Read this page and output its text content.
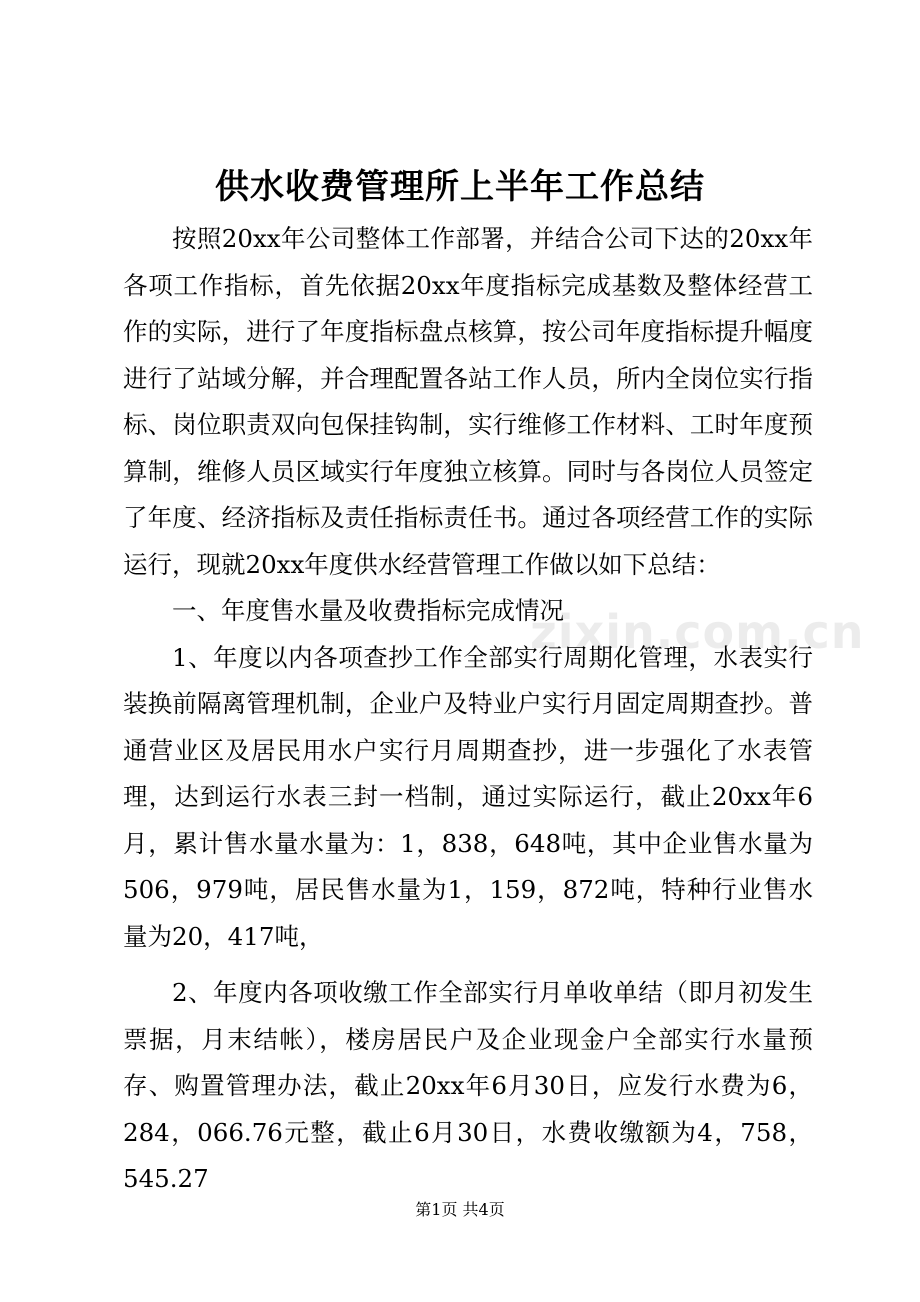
供水收费管理所上半年工作总结

按照20xx年公司整体工作部署，并结合公司下达的20xx年各项工作指标，首先依据20xx年度指标完成基数及整体经营工作的实际，进行了年度指标盘点核算，按公司年度指标提升幅度进行了站域分解，并合理配置各站工作人员，所内全岗位实行指标、岗位职责双向包保挂钩制，实行维修工作材料、工时年度预算制，维修人员区域实行年度独立核算。同时与各岗位人员签定了年度、经济指标及责任指标责任书。通过各项经营工作的实际运行，现就20xx年度供水经营管理工作做以如下总结：

一、年度售水量及收费指标完成情况

1、年度以内各项查抄工作全部实行周期化管理，水表实行装换前隔离管理机制，企业户及特业户实行月固定周期查抄。普通营业区及居民用水户实行月周期查抄，进一步强化了水表管理，达到运行水表三封一档制，通过实际运行，截止20xx年6月，累计售水量水量为：1，838，648吨，其中企业售水量为506，979吨，居民售水量为1，159，872吨，特种行业售水量为20，417吨，

2、年度内各项收缴工作全部实行月单收单结（即月初发生票据，月末结帐），楼房居民户及企业现金户全部实行水量预存、购置管理办法，截止20xx年6月30日，应发行水费为6，284，066.76元整，截止6月30日，水费收缴额为4，758，545.27

zixin.com.cn
第1页 共4页
